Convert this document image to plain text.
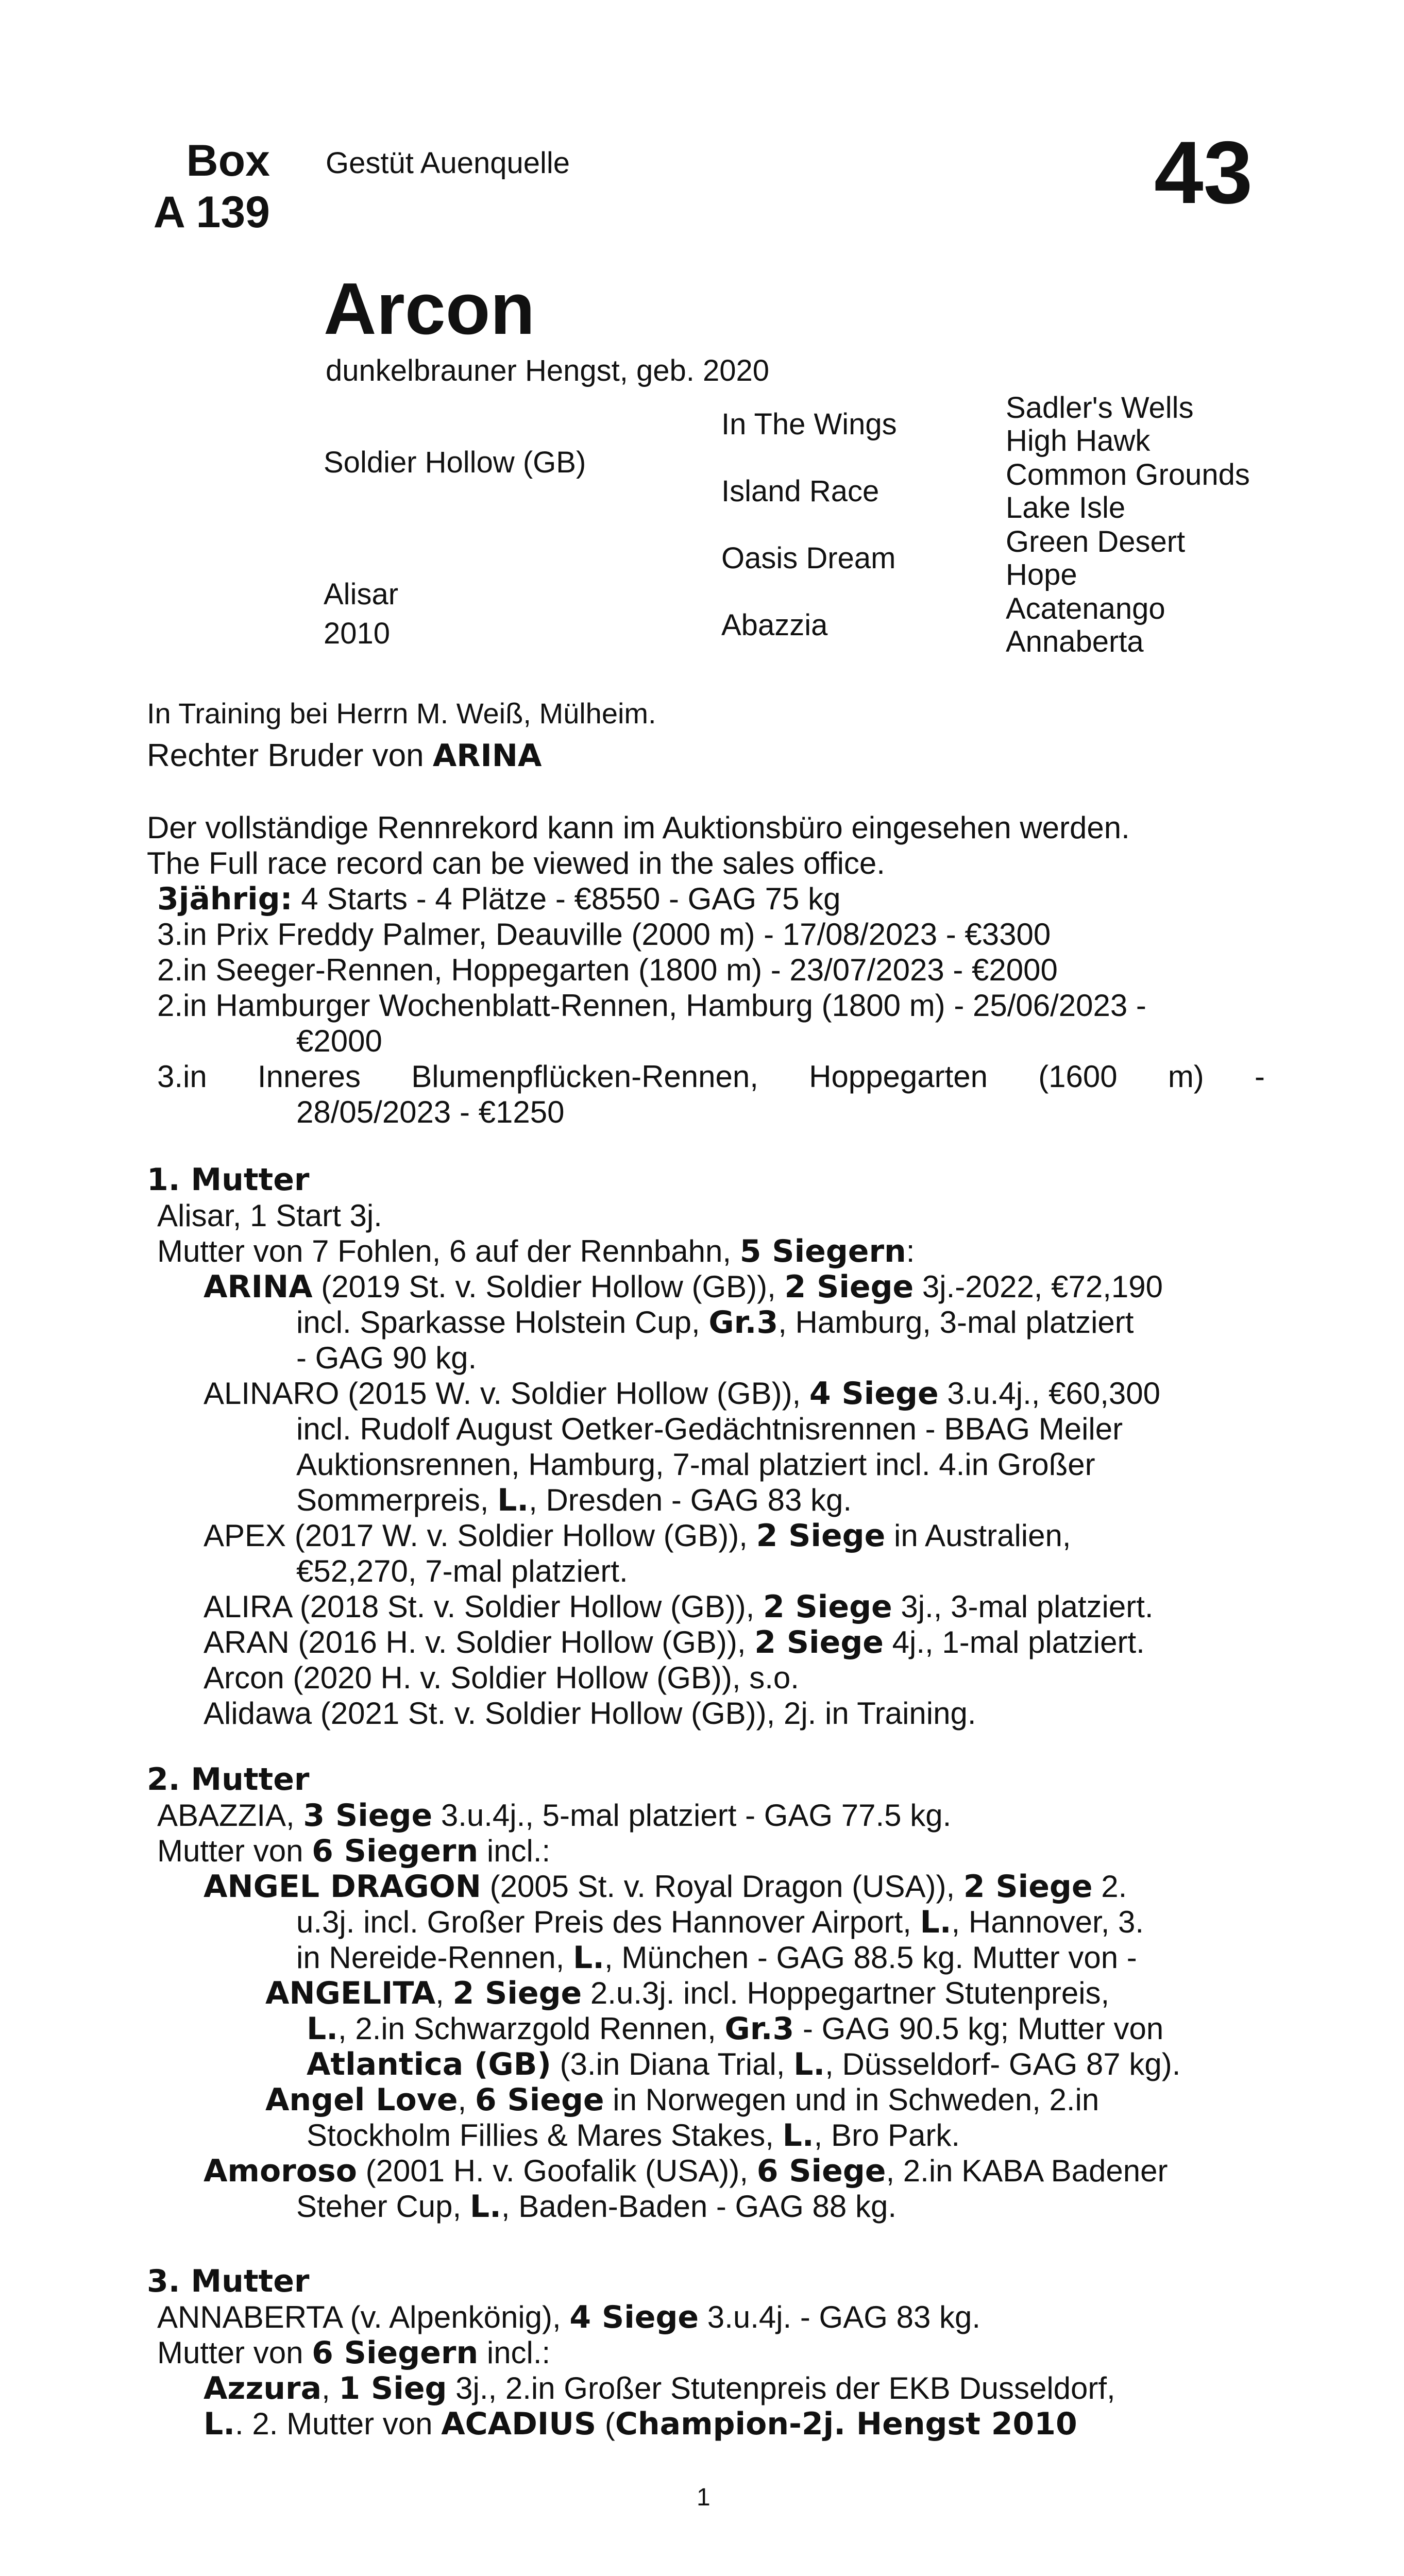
Box
A 139
Gestüt Auenquelle	43
Arcon
dunkelbrauner Hengst, geb. 2020
Soldier Hollow (GB)
Alisar
2010
In The Wings
Island Race
Oasis Dream
Abazzia
Sadler's Wells
High Hawk
Common Grounds
Lake Isle
Green Desert
Hope
Acatenango
Annaberta
In Training bei Herrn M. Weiß, Mülheim.
Rechter Bruder von ARINA
Der vollständige Rennrekord kann im Auktionsbüro eingesehen werden.
The Full race record can be viewed in the sales office.
3jährig: 4 Starts - 4 Plätze - €8550 - GAG 75 kg
3.in Prix Freddy Palmer, Deauville (2000 m) - 17/08/2023 - €3300
2.in Seeger-Rennen, Hoppegarten (1800 m) - 23/07/2023 - €2000
2.in Hamburger Wochenblatt-Rennen, Hamburg (1800 m) - 25/06/2023 -
€2000
3.in Inneres Blumenpflücken-Rennen, Hoppegarten (1600 m) -
28/05/2023 - €1250
1. Mutter
Alisar, 1 Start 3j.
Mutter von 7 Fohlen, 6 auf der Rennbahn, 5 Siegern:
ARINA (2019 St. v. Soldier Hollow (GB)), 2 Siege 3j.-2022, €72,190
incl. Sparkasse Holstein Cup, Gr.3, Hamburg, 3-mal platziert
- GAG 90 kg.
ALINARO (2015 W. v. Soldier Hollow (GB)), 4 Siege 3.u.4j., €60,300
incl. Rudolf August Oetker-Gedächtnisrennen - BBAG Meiler
Auktionsrennen, Hamburg, 7-mal platziert incl. 4.in Großer
Sommerpreis, L., Dresden - GAG 83 kg.
APEX (2017 W. v. Soldier Hollow (GB)), 2 Siege in Australien,
€52,270, 7-mal platziert.
ALIRA (2018 St. v. Soldier Hollow (GB)), 2 Siege 3j., 3-mal platziert.
ARAN (2016 H. v. Soldier Hollow (GB)), 2 Siege 4j., 1-mal platziert.
Arcon (2020 H. v. Soldier Hollow (GB)), s.o.
Alidawa (2021 St. v. Soldier Hollow (GB)), 2j. in Training.
2. Mutter
ABAZZIA, 3 Siege 3.u.4j., 5-mal platziert - GAG 77.5 kg.
Mutter von 6 Siegern incl.:
ANGEL DRAGON (2005 St. v. Royal Dragon (USA)), 2 Siege 2.
u.3j. incl. Großer Preis des Hannover Airport, L., Hannover, 3.
in Nereide-Rennen, L., München - GAG 88.5 kg. Mutter von -
ANGELITA, 2 Siege 2.u.3j. incl. Hoppegartner Stutenpreis,
L., 2.in Schwarzgold Rennen, Gr.3 - GAG 90.5 kg; Mutter von
Atlantica (GB) (3.in Diana Trial, L., Düsseldorf- GAG 87 kg).
Angel Love, 6 Siege in Norwegen und in Schweden, 2.in
Stockholm Fillies & Mares Stakes, L., Bro Park.
Amoroso (2001 H. v. Goofalik (USA)), 6 Siege, 2.in KABA Badener
Steher Cup, L., Baden-Baden - GAG 88 kg.
3. Mutter
ANNABERTA (v. Alpenkönig), 4 Siege 3.u.4j. - GAG 83 kg.
Mutter von 6 Siegern incl.:
Azzura, 1 Sieg 3j., 2.in Großer Stutenpreis der EKB Dusseldorf,
L.. 2. Mutter von ACADIUS (Champion-2j. Hengst 2010
1
